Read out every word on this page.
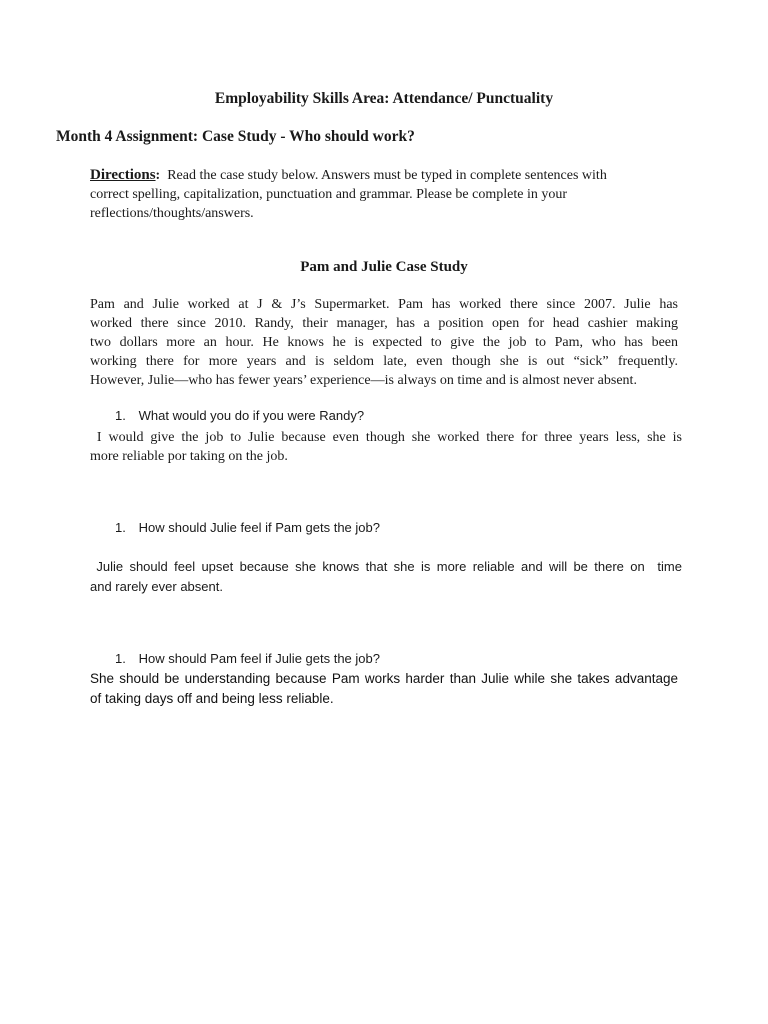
Employability Skills Area: Attendance/ Punctuality

Month 4 Assignment: Case Study - Who should work?

Directions: Read the case study below. Answers must be typed in complete sentences with
correct spelling, capitalization, punctuation and grammar. Please be complete in your
reflections/thoughts/answers.

Pam and Julie Case Study

Pam and Julie worked at J & J’s Supermarket. Pam has worked there since 2007. Julie has
worked there since 2010. Randy, their manager, has a position open for head cashier making
two dollars more an hour. He knows he is expected to give the job to Pam, who has been
working there for more years and is seldom late, even though she is out “sick” frequently.
However, Julie—who has fewer years’ experience—is always on time and is almost never absent.

1. What would you do if you were Randy?

I would give the job to Julie because even though she worked there for three years less, she is
more reliable por taking on the job.

1. How should Julie feel if Pam gets the job?

Julie should feel upset because she knows that she is more reliable and will be there on  time
and rarely ever absent.

1. How should Pam feel if Julie gets the job?

She should be understanding because Pam works harder than Julie while she takes advantage
of taking days off and being less reliable.
